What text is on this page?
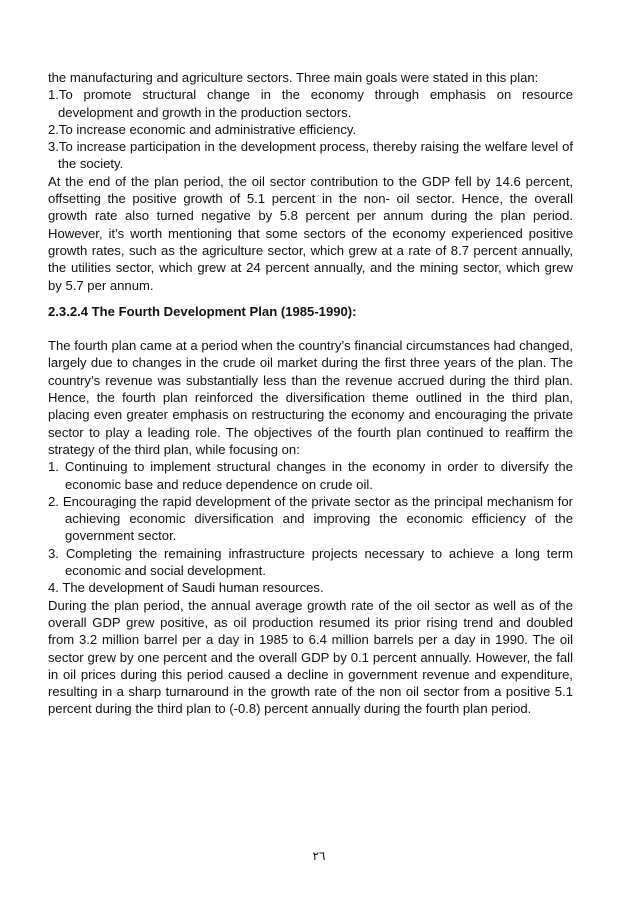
the manufacturing and agriculture sectors. Three main goals were stated in this plan:

1.To promote structural change in the economy through emphasis on resource development and growth in the production sectors.

2.To increase economic and administrative efficiency.

3.To increase participation in the development process, thereby raising the welfare level of the society.

At the end of the plan period, the oil sector contribution to the GDP fell by 14.6 percent, offsetting the positive growth of 5.1 percent in the non- oil sector. Hence, the overall growth rate also turned negative by 5.8 percent per annum during the plan period. However, it’s worth mentioning that some sectors of the economy experienced positive growth rates, such as the agriculture sector, which grew at a rate of 8.7 percent annually, the utilities sector, which grew at 24 percent annually, and the mining sector, which grew by 5.7 per annum.

2.3.2.4 The Fourth Development Plan (1985-1990):

The fourth plan came at a period when the country’s financial circumstances had changed, largely due to changes in the crude oil market during the first three years of the plan. The country’s revenue was substantially less than the revenue accrued during the third plan. Hence, the fourth plan reinforced the diversification theme outlined in the third plan, placing even greater emphasis on restructuring the economy and encouraging the private sector to play a leading role. The objectives of the fourth plan continued to reaffirm the strategy of the third plan, while focusing on:

1. Continuing to implement structural changes in the economy in order to diversify the economic base and reduce dependence on crude oil.

2. Encouraging the rapid development of the private sector as the principal mechanism for achieving economic diversification and improving the economic efficiency of the government sector.

3. Completing the remaining infrastructure projects necessary to achieve a long term economic and social development.

4. The development of Saudi human resources.

During the plan period, the annual average growth rate of the oil sector as well as of the overall GDP grew positive, as oil production resumed its prior rising trend and doubled from 3.2 million barrel per a day in 1985 to 6.4 million barrels per a day in 1990. The oil sector grew by one percent and the overall GDP by 0.1 percent annually. However, the fall in oil prices during this period caused a decline in government revenue and expenditure, resulting in a sharp turnaround in the growth rate of the non oil sector from a positive 5.1 percent during the third plan to (-0.8) percent annually during the fourth plan period.

٢٦
